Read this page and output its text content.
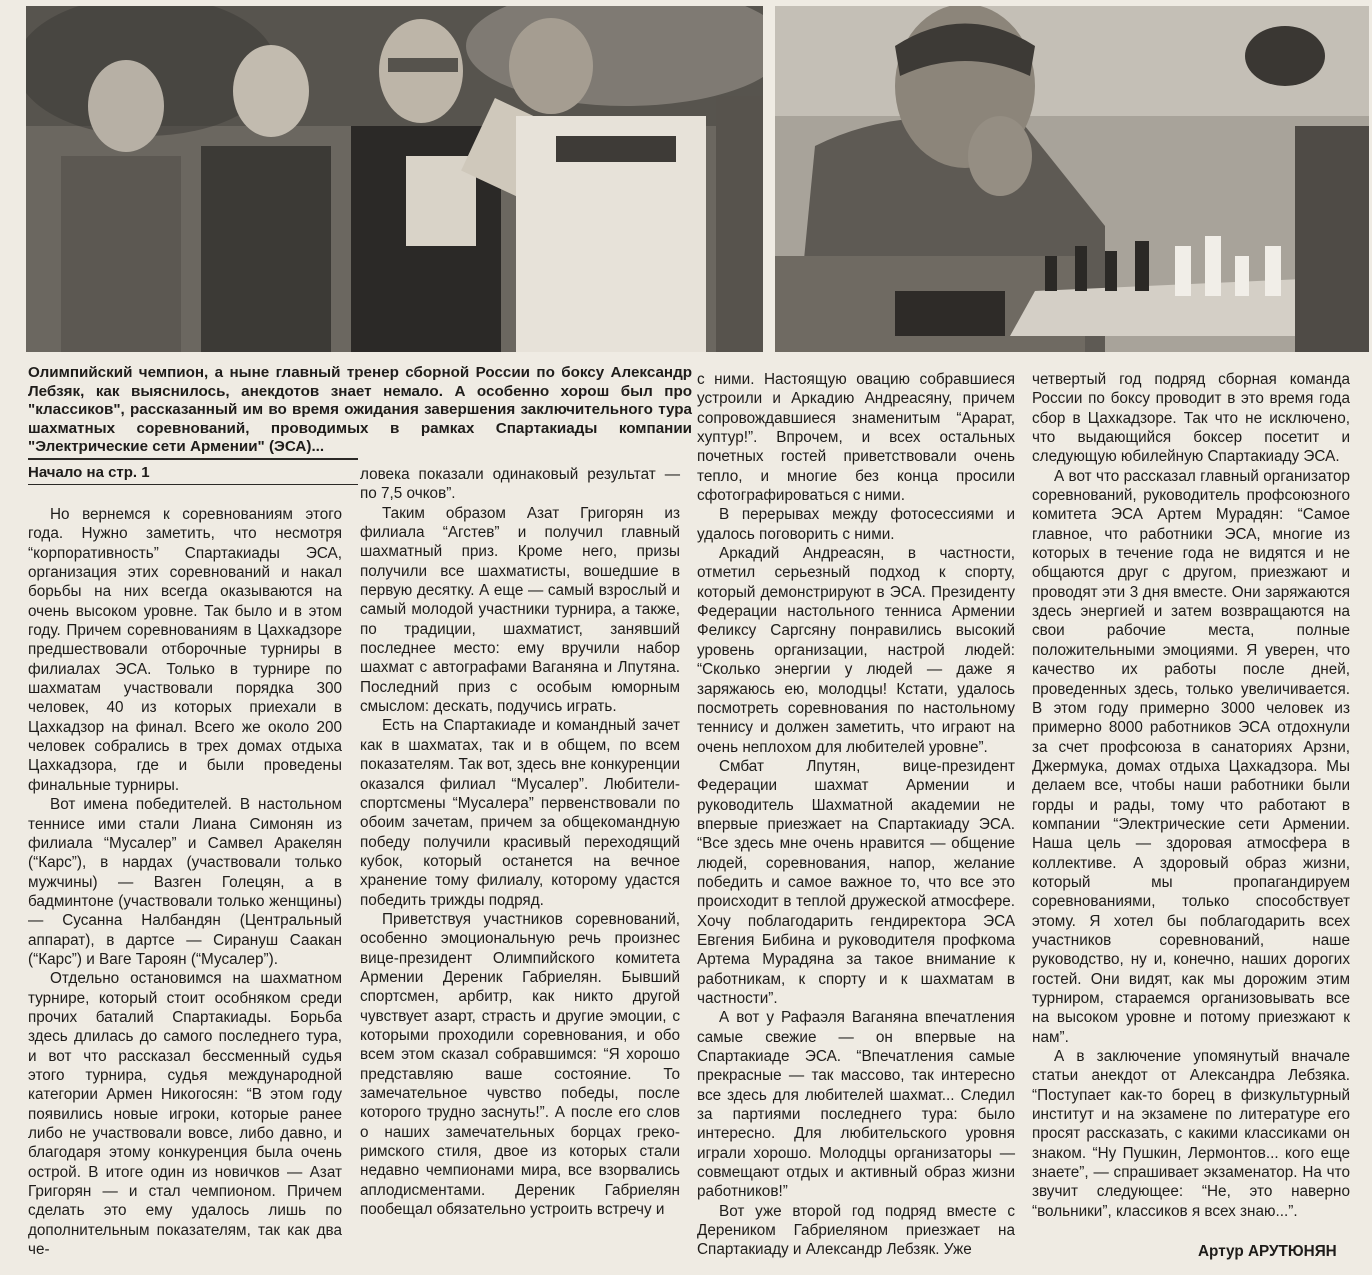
Олимпийский чемпион, а ныне главный тренер сборной России по боксу Александр Лебзяк, как выяснилось, анекдотов знает немало. А особенно хорош был про "классиков", рассказанный им во время ожидания завершения заключительного тура шахматных соревнований, проводимых в рамках Спартакиады компании "Электрические сети Армении" (ЭСА)...
Начало на стр. 1

Но вернемся к соревнованиям этого года. Нужно заметить, что несмотря “корпоративность” Спартакиады ЭСА, организация этих соревнований и накал борьбы на них всегда оказываются на очень высоком уровне. Так было и в этом году. Причем соревнованиям в Цахкадзоре предшествовали отборочные турниры в филиалах ЭСА. Только в турнире по шахматам участвовали порядка 300 человек, 40 из которых приехали в Цахкадзор на финал. Всего же около 200 человек собрались в трех домах отдыха Цахкадзора, где и были проведены финальные турниры.

Вот имена победителей. В настольном теннисе ими стали Лиана Симонян из филиала “Мусалер” и Самвел Аракелян (“Карс”), в нардах (участвовали только мужчины) — Вазген Голецян, а в бадминтоне (участвовали только женщины) — Сусанна Налбандян (Центральный аппарат), в дартсе — Сирануш Саакан (“Карс”) и Ваге Тароян (“Мусалер”).

Отдельно остановимся на шахматном турнире, который стоит особняком среди прочих баталий Спартакиады. Борьба здесь длилась до самого последнего тура, и вот что рассказал бессменный судья этого турнира, судья международной категории Армен Никогосян: “В этом году появились новые игроки, которые ранее либо не участвовали вовсе, либо давно, и благодаря этому конкуренция была очень острой. В итоге один из новичков — Азат Григорян — и стал чемпионом. Причем сделать это ему удалось лишь по дополнительным показателям, так как два че-

ловека показали одинаковый результат — по 7,5 очков”.

Таким образом Азат Григорян из филиала “Агстев” и получил главный шахматный приз. Кроме него, призы получили все шахматисты, вошедшие в первую десятку. А еще — самый взрослый и самый молодой участники турнира, а также, по традиции, шахматист, занявший последнее место: ему вручили набор шахмат с автографами Ваганяна и Лпутяна. Последний приз с особым юморным смыслом: дескать, подучись играть.

Есть на Спартакиаде и командный зачет как в шахматах, так и в общем, по всем показателям. Так вот, здесь вне конкуренции оказался филиал “Мусалер”. Любители-спортсмены “Мусалера” первенствовали по обоим зачетам, причем за общекомандную победу получили красивый переходящий кубок, который останется на вечное хранение тому филиалу, которому удастся победить трижды подряд.

Приветствуя участников соревнований, особенно эмоциональную речь произнес вице-президент Олимпийского комитета Армении Дереник Габриелян. Бывший спортсмен, арбитр, как никто другой чувствует азарт, страсть и другие эмоции, с которыми проходили соревнования, и обо всем этом сказал собравшимся: “Я хорошо представляю ваше состояние. То замечательное чувство победы, после которого трудно заснуть!”. А после его слов о наших замечательных борцах греко-римского стиля, двое из которых стали недавно чемпионами мира, все взорвались аплодисментами. Дереник Габриелян пообещал обязательно устроить встречу и

с ними. Настоящую овацию собравшиеся устроили и Аркадию Андреасяну, причем сопровождавшиеся знаменитым “Арарат, хуптур!”. Впрочем, и всех остальных почетных гостей приветствовали очень тепло, и многие без конца просили сфотографироваться с ними.

В перерывах между фотосессиями и удалось поговорить с ними.

Аркадий Андреасян, в частности, отметил серьезный подход к спорту, который демонстрируют в ЭСА. Президенту Федерации настольного тенниса Армении Феликсу Саргсяну понравились высокий уровень организации, настрой людей: “Сколько энергии у людей — даже я заряжаюсь ею, молодцы! Кстати, удалось посмотреть соревнования по настольному теннису и должен заметить, что играют на очень неплохом для любителей уровне”.

Смбат Лпутян, вице-президент Федерации шахмат Армении и руководитель Шахматной академии не впервые приезжает на Спартакиаду ЭСА. “Все здесь мне очень нравится — общение людей, соревнования, напор, желание победить и самое важное то, что все это происходит в теплой дружеской атмосфере. Хочу поблагодарить гендиректора ЭСА Евгения Бибина и руководителя профкома Артема Мурадяна за такое внимание к работникам, к спорту и к шахматам в частности”.

А вот у Рафаэля Ваганяна впечатления самые свежие — он впервые на Спартакиаде ЭСА. “Впечатления самые прекрасные — так массово, так интересно все здесь для любителей шахмат... Следил за партиями последнего тура: было интересно. Для любительского уровня играли хорошо. Молодцы организаторы — совмещают отдых и активный образ жизни работников!”

Вот уже второй год подряд вместе с Дереником Габриеляном приезжает на Спартакиаду и Александр Лебзяк. Уже

четвертый год подряд сборная команда России по боксу проводит в это время года сбор в Цахкадзоре. Так что не исключено, что выдающийся боксер посетит и следующую юбилейную Спартакиаду ЭСА.

А вот что рассказал главный организатор соревнований, руководитель профсоюзного комитета ЭСА Артем Мурадян: “Самое главное, что работники ЭСА, многие из которых в течение года не видятся и не общаются друг с другом, приезжают и проводят эти 3 дня вместе. Они заряжаются здесь энергией и затем возвращаются на свои рабочие места, полные положительными эмоциями. Я уверен, что качество их работы после дней, проведенных здесь, только увеличивается. В этом году примерно 3000 человек из примерно 8000 работников ЭСА отдохнули за счет профсоюза в санаториях Арзни, Джермука, домах отдыха Цахкадзора. Мы делаем все, чтобы наши работники были горды и рады, тому что работают в компании “Электрические сети Армении. Наша цель — здоровая атмосфера в коллективе. А здоровый образ жизни, который мы пропагандируем соревнованиями, только способствует этому. Я хотел бы поблагодарить всех участников соревнований, наше руководство, ну и, конечно, наших дорогих гостей. Они видят, как мы дорожим этим турниром, стараемся организовывать все на высоком уровне и потому приезжают к нам”.

А в заключение упомянутый вначале статьи анекдот от Александра Лебзяка. “Поступает как-то борец в физкультурный институт и на экзамене по литературе его просят рассказать, с какими классиками он знаком. “Ну Пушкин, Лермонтов... кого еще знаете”, — спрашивает экзаменатор. На что звучит следующее: “Не, это наверно “вольники”, классиков я всех знаю...”.

Артур АРУТЮНЯН
